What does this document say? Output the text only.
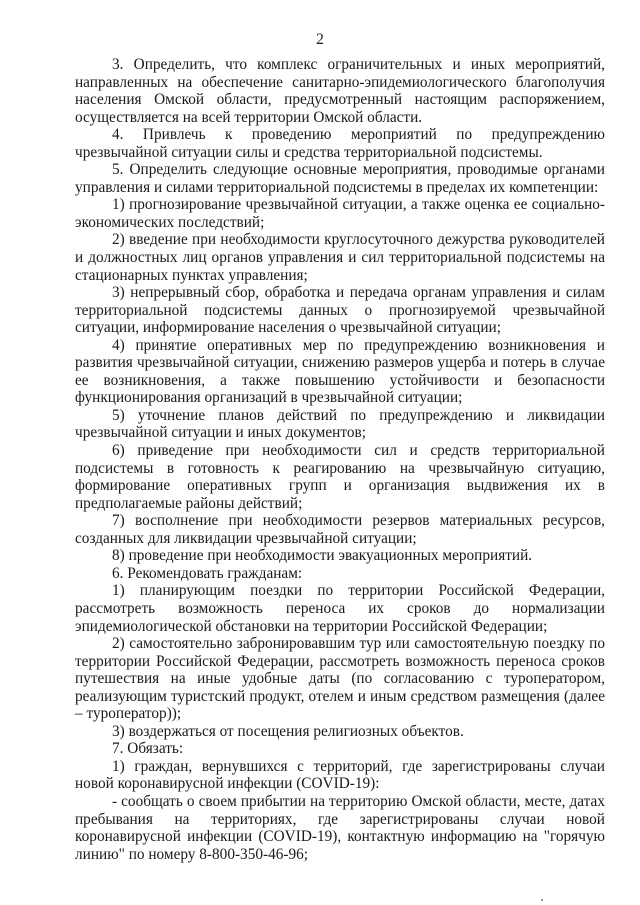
2

3. Определить, что комплекс ограничительных и иных мероприятий, направленных на обеспечение санитарно-эпидемиологического благополучия населения Омской области, предусмотренный настоящим распоряжением, осуществляется на всей территории Омской области.

4. Привлечь к проведению мероприятий по предупреждению чрезвычайной ситуации силы и средства территориальной подсистемы.

5. Определить следующие основные мероприятия, проводимые органами управления и силами территориальной подсистемы в пределах их компетенции:

1) прогнозирование чрезвычайной ситуации, а также оценка ее социально-экономических последствий;

2) введение при необходимости круглосуточного дежурства руководителей и должностных лиц органов управления и сил территориальной подсистемы на стационарных пунктах управления;

3) непрерывный сбор, обработка и передача органам управления и силам территориальной подсистемы данных о прогнозируемой чрезвычайной ситуации, информирование населения о чрезвычайной ситуации;

4) принятие оперативных мер по предупреждению возникновения и развития чрезвычайной ситуации, снижению размеров ущерба и потерь в случае ее возникновения, а также повышению устойчивости и безопасности функционирования организаций в чрезвычайной ситуации;

5) уточнение планов действий по предупреждению и ликвидации чрезвычайной ситуации и иных документов;

6) приведение при необходимости сил и средств территориальной подсистемы в готовность к реагированию на чрезвычайную ситуацию, формирование оперативных групп и организация выдвижения их в предполагаемые районы действий;

7) восполнение при необходимости резервов материальных ресурсов, созданных для ликвидации чрезвычайной ситуации;

8) проведение при необходимости эвакуационных мероприятий.

6. Рекомендовать гражданам:

1) планирующим поездки по территории Российской Федерации, рассмотреть возможность переноса их сроков до нормализации эпидемиологической обстановки на территории Российской Федерации;

2) самостоятельно забронировавшим тур или самостоятельную поездку по территории Российской Федерации, рассмотреть возможность переноса сроков путешествия на иные удобные даты (по согласованию с туроператором, реализующим туристский продукт, отелем и иным средством размещения (далее – туроператор));

3) воздержаться от посещения религиозных объектов.

7. Обязать:

1) граждан, вернувшихся с территорий, где зарегистрированы случаи новой коронавирусной инфекции (COVID-19):

- сообщать о своем прибытии на территорию Омской области, месте, датах пребывания на территориях, где зарегистрированы случаи новой коронавирусной инфекции (COVID-19), контактную информацию на "горячую линию" по номеру 8-800-350-46-96;
